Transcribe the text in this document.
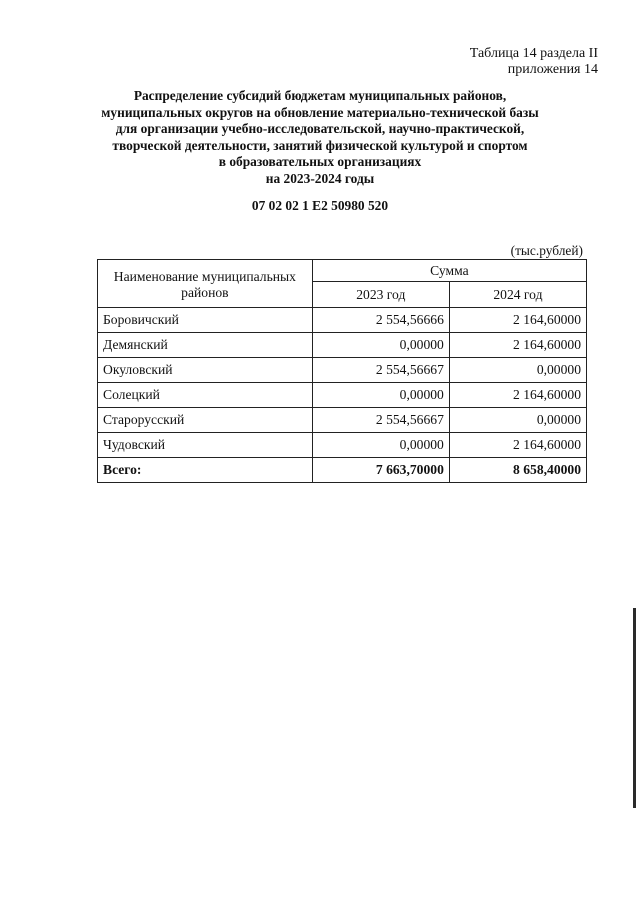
Таблица 14 раздела II
приложения 14
Распределение субсидий бюджетам муниципальных районов,
муниципальных округов на обновление материально-технической базы
для организации учебно-исследовательской, научно-практической,
творческой деятельности, занятий физической культурой и спортом
в образовательных организациях
на 2023-2024 годы
07 02 02 1 Е2 50980 520
(тыс.рублей)
Наименование муниципальных районов	Сумма	
	2023 год	2024 год
Боровичский	2 554,56666	2 164,60000
Демянский	0,00000	2 164,60000
Окуловский	2 554,56667	0,00000
Солецкий	0,00000	2 164,60000
Старорусский	2 554,56667	0,00000
Чудовский	0,00000	2 164,60000
Всего:	7 663,70000	8 658,40000
